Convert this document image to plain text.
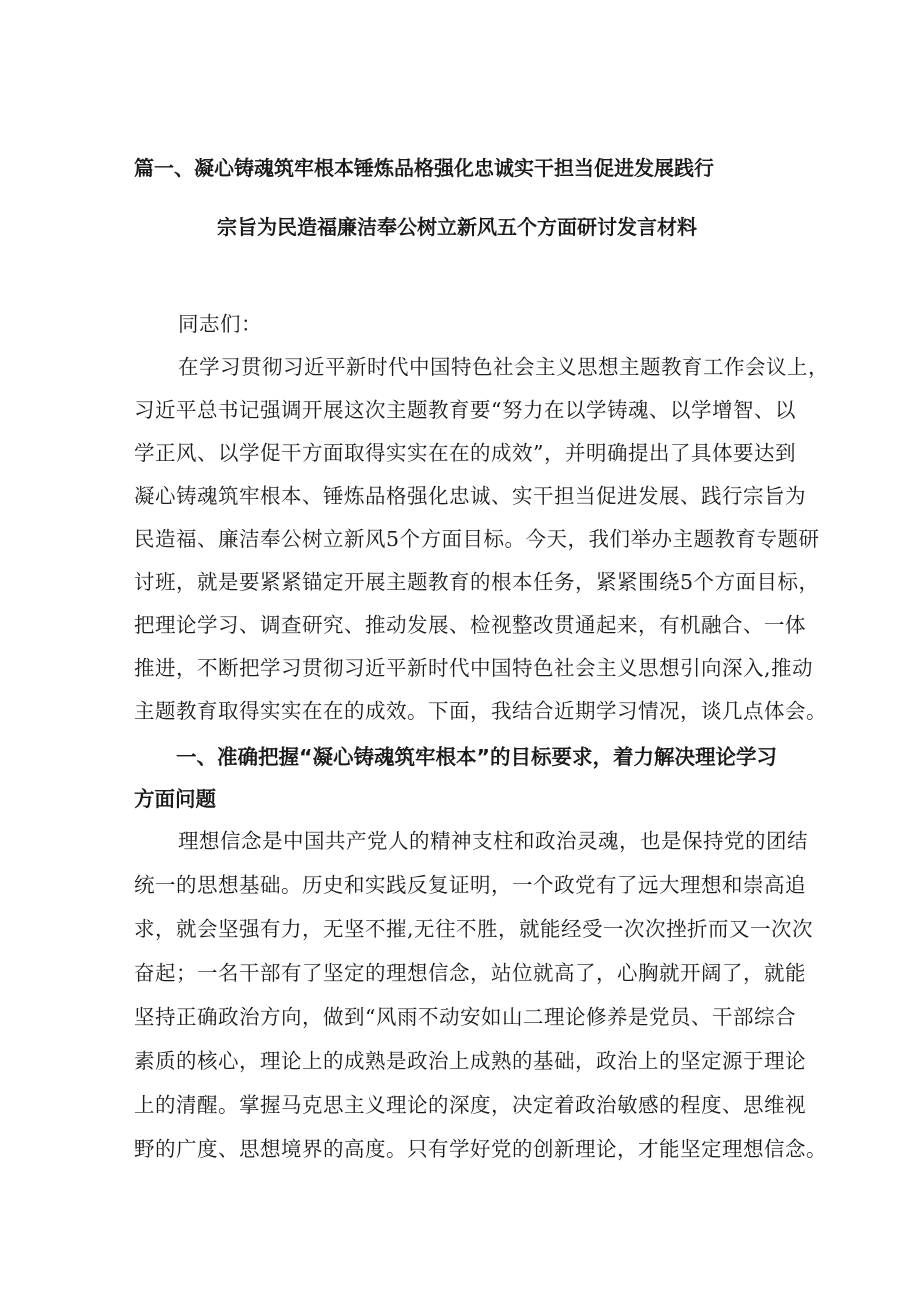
篇一、凝心铸魂筑牢根本锤炼品格强化忠诚实干担当促进发展践行
宗旨为民造福廉洁奉公树立新风五个方面研讨发言材料
同志们：
在学习贯彻习近平新时代中国特色社会主义思想主题教育工作会议上，
习近平总书记强调开展这次主题教育要“努力在以学铸魂、以学增智、以
学正风、以学促干方面取得实实在在的成效”，并明确提出了具体要达到
凝心铸魂筑牢根本、锤炼品格强化忠诚、实干担当促进发展、践行宗旨为
民造福、廉洁奉公树立新风5个方面目标。今天，我们举办主题教育专题研
讨班，就是要紧紧锚定开展主题教育的根本任务，紧紧围绕5个方面目标，
把理论学习、调查研究、推动发展、检视整改贯通起来，有机融合、一体
推进，不断把学习贯彻习近平新时代中国特色社会主义思想引向深入,推动
主题教育取得实实在在的成效。下面，我结合近期学习情况，谈几点体会。
一、准确把握“凝心铸魂筑牢根本”的目标要求，着力解决理论学习
方面问题
理想信念是中国共产党人的精神支柱和政治灵魂，也是保持党的团结
统一的思想基础。历史和实践反复证明，一个政党有了远大理想和崇高追
求，就会坚强有力，无坚不摧,无往不胜，就能经受一次次挫折而又一次次
奋起；一名干部有了坚定的理想信念，站位就高了，心胸就开阔了，就能
坚持正确政治方向，做到“风雨不动安如山二理论修养是党员、干部综合
素质的核心，理论上的成熟是政治上成熟的基础，政治上的坚定源于理论
上的清醒。掌握马克思主义理论的深度，决定着政治敏感的程度、思维视
野的广度、思想境界的高度。只有学好党的创新理论，才能坚定理想信念。
